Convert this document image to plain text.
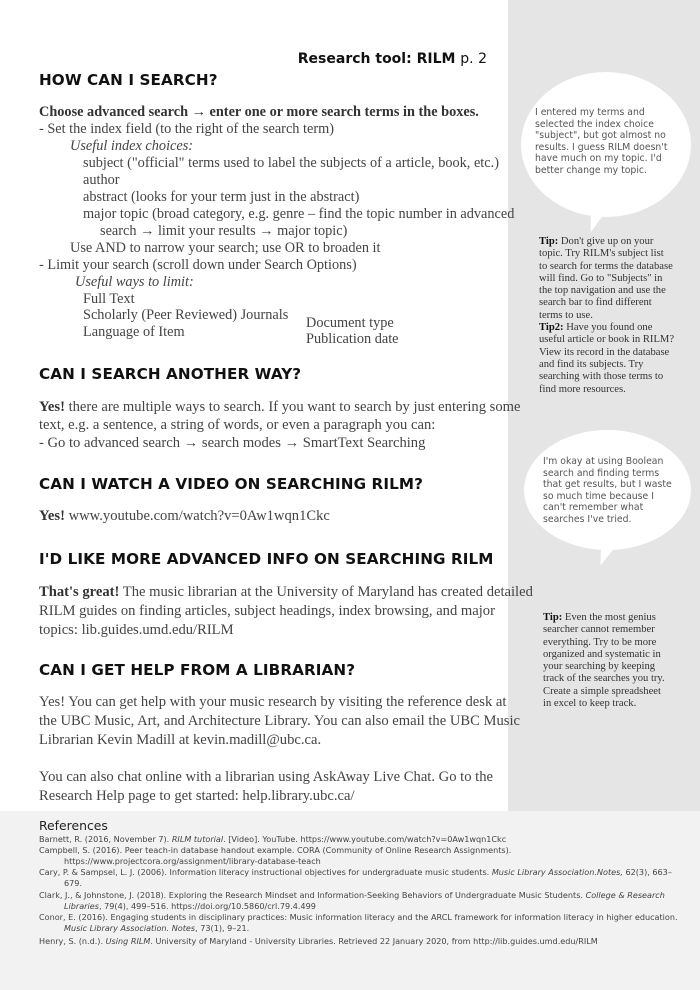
Research tool: RILM p. 2
HOW CAN I SEARCH?

Choose advanced search → enter one or more search terms in the boxes.

- Set the index field (to the right of the search term)

Useful index choices:

subject ("official" terms used to label the subjects of a article, book, etc.)

author

abstract (looks for your term just in the abstract)

major topic (broad category, e.g. genre – find the topic number in advanced

search → limit your results → major topic)

Use AND to narrow your search; use OR to broaden it

- Limit your search (scroll down under Search Options)

Useful ways to limit:

Full Text

Scholarly (Peer Reviewed) Journals

Language of Item

Document type

Publication date

CAN I SEARCH ANOTHER WAY?

Yes! there are multiple ways to search. If you want to search by just entering some

text, e.g. a sentence, a string of words, or even a paragraph you can:

- Go to advanced search → search modes → SmartText Searching

CAN I WATCH A VIDEO ON SEARCHING RILM?

Yes! www.youtube.com/watch?v=0Aw1wqn1Ckc

I'D LIKE MORE ADVANCED INFO ON SEARCHING RILM

That's great! The music librarian at the University of Maryland has created detailed

RILM guides on finding articles, subject headings, index browsing, and major

topics: lib.guides.umd.edu/RILM

CAN I GET HELP FROM A LIBRARIAN?

Yes! You can get help with your music research by visiting the reference desk at

the UBC Music, Art, and Architecture Library. You can also email the UBC Music

Librarian Kevin Madill at kevin.madill@ubc.ca.

You can also chat online with a librarian using AskAway Live Chat. Go to the

Research Help page to get started: help.library.ubc.ca/

I entered my terms and
selected the index choice
"subject", but got almost no
results. I guess RILM doesn't
have much on my topic. I'd
better change my topic.
Tip: Don't give up on your
topic. Try RILM's subject list
to search for terms the database
will find. Go to "Subjects" in
the top navigation and use the
search bar to find different
terms to use.
Tip2: Have you found one
useful article or book in RILM?
View its record in the database
and find its subjects. Try
searching with those terms to
find more resources.
I'm okay at using Boolean
search and finding terms
that get results, but I waste
so much time because I
can't remember what
searches I've tried.
Tip: Even the most genius
searcher cannot remember
everything. Try to be more
organized and systematic in
your searching by keeping
track of the searches you try.
Create a simple spreadsheet
in excel to keep track.
References
Barnett, R. (2016, November 7). RILM tutorial. [Video]. YouTube. https://www.youtube.com/watch?v=0Aw1wqn1Ckc
Campbell, S. (2016). Peer teach-in database handout example. CORA (Community of Online Research Assignments). https://www.projectcora.org/assignment/library-database-teach
Cary, P. & Sampsel, L. J. (2006). Information literacy instructional objectives for undergraduate music students. Music Library Association.Notes, 62(3), 663–679.
Clark, J., & Johnstone, J. (2018). Exploring the Research Mindset and Information-Seeking Behaviors of Undergraduate Music Students. College & Research Libraries, 79(4), 499–516. https://doi.org/10.5860/crl.79.4.499
Conor, E. (2016). Engaging students in disciplinary practices: Music information literacy and the ARCL framework for information literacy in higher education. Music Library Association. Notes, 73(1), 9–21.
Henry, S. (n.d.). Using RILM. University of Maryland - University Libraries. Retrieved 22 January 2020, from http://lib.guides.umd.edu/RILM
